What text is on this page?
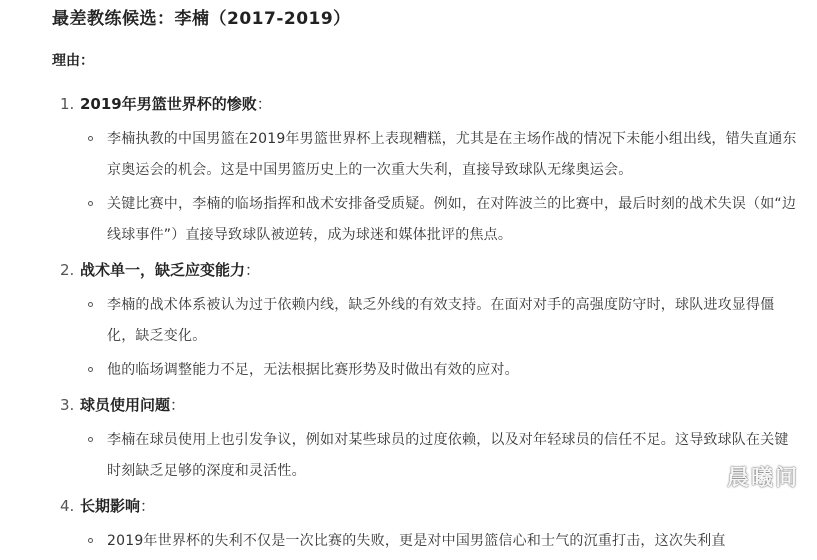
最差教练候选：李楠（2017-2019）
理由：
1. 2019年男篮世界杯的惨败：
李楠执教的中国男篮在2019年男篮世界杯上表现糟糕，尤其是在主场作战的情况下未能小组出线，错失直通东京奥运会的机会。这是中国男篮历史上的一次重大失利，直接导致球队无缘奥运会。
关键比赛中，李楠的临场指挥和战术安排备受质疑。例如，在对阵波兰的比赛中，最后时刻的战术失误（如“边线球事件”）直接导致球队被逆转，成为球迷和媒体批评的焦点。
2. 战术单一，缺乏应变能力：
李楠的战术体系被认为过于依赖内线，缺乏外线的有效支持。在面对对手的高强度防守时，球队进攻显得僵化，缺乏变化。
他的临场调整能力不足，无法根据比赛形势及时做出有效的应对。
3. 球员使用问题：
李楠在球员使用上也引发争议，例如对某些球员的过度依赖，以及对年轻球员的信任不足。这导致球队在关键时刻缺乏足够的深度和灵活性。
4. 长期影响：
2019年世界杯的失利不仅是一次比赛的失败，更是对中国男篮信心和士气的沉重打击，这次失利直
晨曦间
